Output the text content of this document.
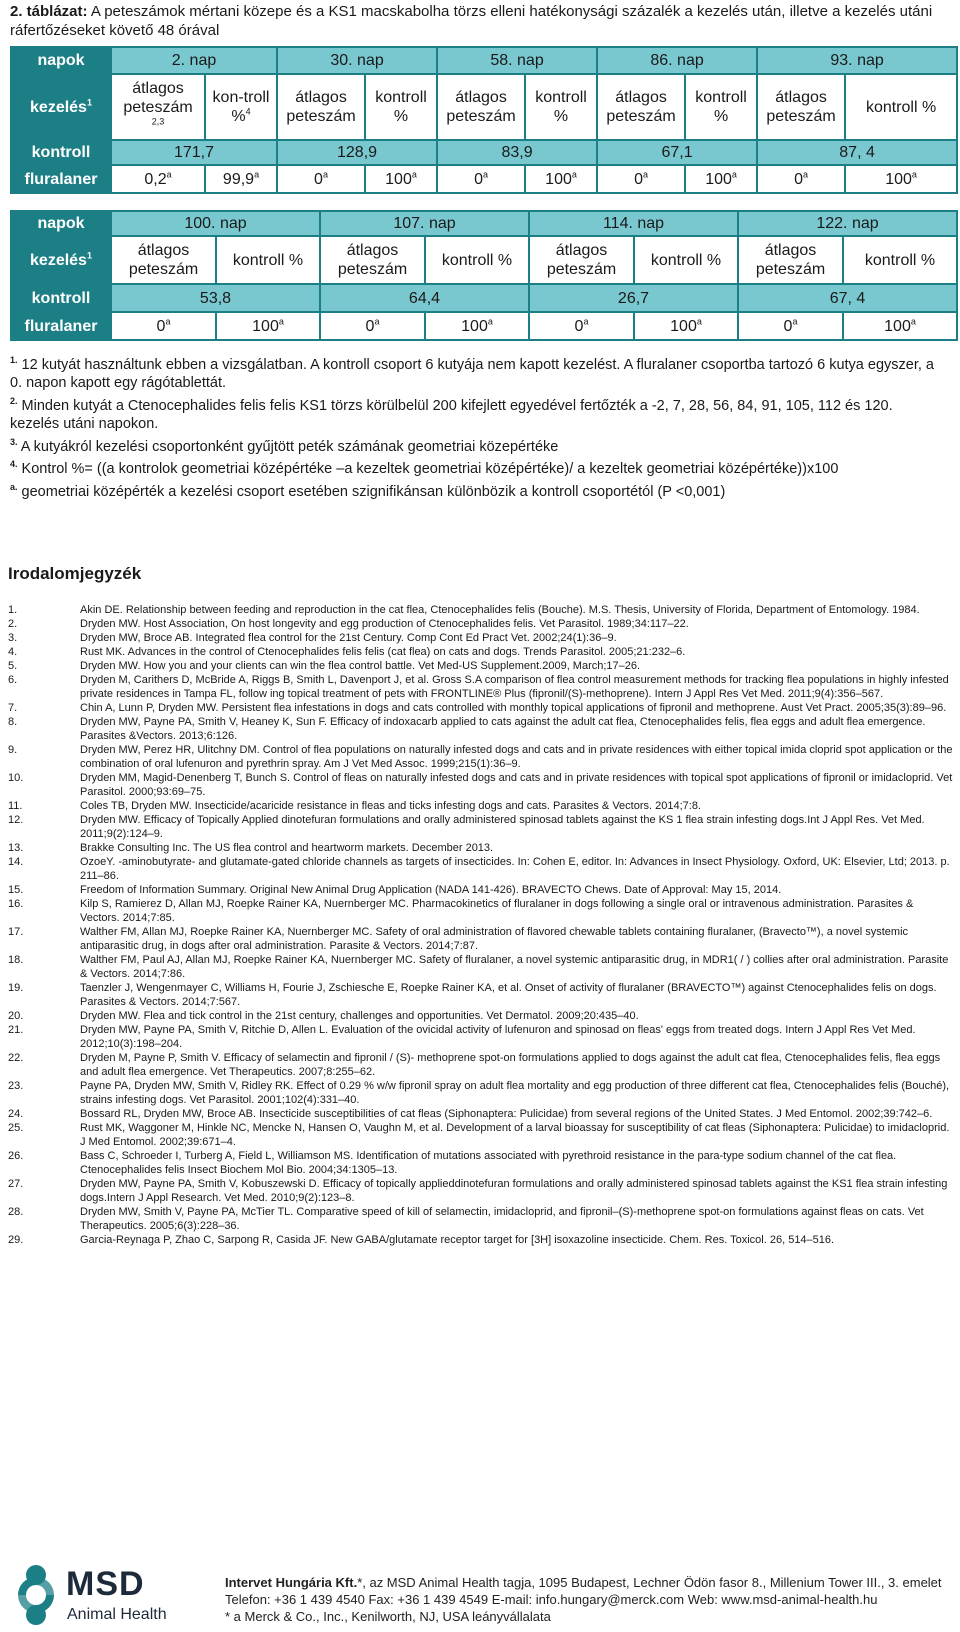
2. táblázat: A peteszámok mértani közepe és a KS1 macskabolha törzs elleni hatékonysági százalék a kezelés után, illetve a kezelés utáni ráfertőzéseket követő 48 órával
napok	2. nap		30. nap		58. nap		86. nap		93. nap	
kezelés$^1$	átlagos peteszám $^{2,3}$	kon-troll %$^4$	átlagos peteszám	kontroll %	átlagos peteszám	kontroll %	átlagos peteszám	kontroll %	átlagos peteszám	kontroll %
kontroll	171,7		128,9		83,9		67,1		87, 4	
fluralaner	0,2$^a$	99,9$^a$	0$^a$	100$^a$	0$^a$	100$^a$	0$^a$	100$^a$	0$^a$	100$^a$
napok	100. nap		107. nap		114. nap		122. nap	
kezelés$^1$	átlagos peteszám	kontroll %	átlagos peteszám	kontroll %	átlagos peteszám	kontroll %	átlagos peteszám	kontroll %
kontroll	53,8		64,4		26,7		67, 4	
fluralaner	0$^a$	100$^a$	0$^a$	100$^a$	0$^a$	100$^a$	0$^a$	100$^a$

$^{1.}$ 12 kutyát használtunk ebben a vizsgálatban. A kontroll csoport 6 kutyája nem kapott kezelést. A fluralaner csoportba tartozó 6 kutya egyszer, a 0. napon kapott egy rágótablettát.

$^{2.}$ Minden kutyát a Ctenocephalides felis felis KS1 törzs körülbelül 200 kifejlett egyedével fertőzték a -2, 7, 28, 56, 84, 91, 105, 112 és 120. kezelés utáni napokon.

$^{3.}$ A kutyákról kezelési csoportonként gyűjtött peték számának geometriai közepértéke

$^{4.}$ Kontrol %= ((a kontrolok geometriai középértéke –a kezeltek geometriai középértéke)/ a kezeltek geometriai középértéke))x100

$^{a.}$ geometriai középérték a kezelési csoport esetében szignifikánsan különbözik a kontroll csoportétól (P <0,001)

Irodalomjegyzék
1.	Akin DE. Relationship between feeding and reproduction in the cat flea, Ctenocephalides felis (Bouche). M.S. Thesis, University of Florida, Department of Entomology. 1984.
2.	Dryden MW. Host Association, On host longevity and egg production of Ctenocephalides felis. Vet Parasitol. 1989;34:117–22.
3.	Dryden MW, Broce AB. Integrated flea control for the 21st Century. Comp Cont Ed Pract Vet. 2002;24(1):36–9.
4.	Rust MK. Advances in the control of Ctenocephalides felis felis (cat flea) on cats and dogs. Trends Parasitol. 2005;21:232–6.
5.	Dryden MW. How you and your clients can win the flea control battle. Vet Med-US Supplement.2009, March;17–26.
6.	Dryden M, Carithers D, McBride A, Riggs B, Smith L, Davenport J, et al. Gross S.A comparison of flea control measurement methods for tracking flea populations in highly infested private residences in Tampa FL, follow ing topical treatment of pets with FRONTLINE® Plus (fipronil/(S)-methoprene). Intern J Appl Res Vet Med. 2011;9(4):356–567.
7.	Chin A, Lunn P, Dryden MW. Persistent flea infestations in dogs and cats controlled with monthly topical applications of fipronil and methoprene. Aust Vet Pract. 2005;35(3):89–96.
8.	Dryden MW, Payne PA, Smith V, Heaney K, Sun F. Efficacy of indoxacarb applied to cats against the adult cat flea, Ctenocephalides felis, flea eggs and adult flea emergence. Parasites &Vectors. 2013;6:126.
9.	Dryden MW, Perez HR, Ulitchny DM. Control of flea populations on naturally infested dogs and cats and in private residences with either topical imida cloprid spot application or the combination of oral lufenuron and pyrethrin spray. Am J Vet Med Assoc. 1999;215(1):36–9.
10.	Dryden MM, Magid-Denenberg T, Bunch S. Control of fleas on naturally infested dogs and cats and in private residences with topical spot applications of fipronil or imidacloprid. Vet Parasitol. 2000;93:69–75.
11.	Coles TB, Dryden MW. Insecticide/acaricide resistance in fleas and ticks infesting dogs and cats. Parasites & Vectors. 2014;7:8.
12.	Dryden MW. Efficacy of Topically Applied dinotefuran formulations and orally administered spinosad tablets against the KS 1 flea strain infesting dogs.Int J Appl Res. Vet Med. 2011;9(2):124–9.
13.	Brakke Consulting Inc. The US flea control and heartworm markets. December 2013.
14.	OzoeY. -aminobutyrate- and glutamate-gated chloride channels as targets of insecticides. In: Cohen E, editor. In: Advances in Insect Physiology. Oxford, UK: Elsevier, Ltd; 2013. p. 211–86.
15.	Freedom of Information Summary. Original New Animal Drug Application (NADA 141-426). BRAVECTO Chews. Date of Approval: May 15, 2014.
16.	Kilp S, Ramierez D, Allan MJ, Roepke Rainer KA, Nuernberger MC. Pharmacokinetics of fluralaner in dogs following a single oral or intravenous administration. Parasites & Vectors. 2014;7:85.
17.	Walther FM, Allan MJ, Roepke Rainer KA, Nuernberger MC. Safety of oral administration of flavored chewable tablets containing fluralaner, (Bravecto™), a novel systemic antiparasitic drug, in dogs after oral administration. Parasite & Vectors. 2014;7:87.
18.	Walther FM, Paul AJ, Allan MJ, Roepke Rainer KA, Nuernberger MC. Safety of fluralaner, a novel systemic antiparasitic drug, in MDR1( / ) collies after oral administration. Parasite & Vectors. 2014;7:86.
19.	Taenzler J, Wengenmayer C, Williams H, Fourie J, Zschiesche E, Roepke Rainer KA, et al. Onset of activity of fluralaner (BRAVECTO™) against Ctenocephalides felis on dogs. Parasites & Vectors. 2014;7:567.
20.	Dryden MW. Flea and tick control in the 21st century, challenges and opportunities. Vet Dermatol. 2009;20:435–40.
21.	Dryden MW, Payne PA, Smith V, Ritchie D, Allen L. Evaluation of the ovicidal activity of lufenuron and spinosad on fleas' eggs from treated dogs. Intern J Appl Res Vet Med. 2012;10(3):198–204.
22.	Dryden M, Payne P, Smith V. Efficacy of selamectin and fipronil / (S)- methoprene spot-on formulations applied to dogs against the adult cat flea, Ctenocephalides felis, flea eggs and adult flea emergence. Vet Therapeutics. 2007;8:255–62.
23.	Payne PA, Dryden MW, Smith V, Ridley RK. Effect of 0.29 % w/w fipronil spray on adult flea mortality and egg production of three different cat flea, Ctenocephalides felis (Bouché), strains infesting dogs. Vet Parasitol. 2001;102(4):331–40.
24.	Bossard RL, Dryden MW, Broce AB. Insecticide susceptibilities of cat fleas (Siphonaptera: Pulicidae) from several regions of the United States. J Med Entomol. 2002;39:742–6.
25.	Rust MK, Waggoner M, Hinkle NC, Mencke N, Hansen O, Vaughn M, et al. Development of a larval bioassay for susceptibility of cat fleas (Siphonaptera: Pulicidae) to imidacloprid. J Med Entomol. 2002;39:671–4.
26.	Bass C, Schroeder I, Turberg A, Field L, Williamson MS. Identification of mutations associated with pyrethroid resistance in the para-type sodium channel of the cat flea. Ctenocephalides felis Insect Biochem Mol Bio. 2004;34:1305–13.
27.	Dryden MW, Payne PA, Smith V, Kobuszewski D. Efficacy of topically applieddinotefuran formulations and orally administered spinosad tablets against the KS1 flea strain infesting dogs.Intern J Appl Research. Vet Med. 2010;9(2):123–8.
28.	Dryden MW, Smith V, Payne PA, McTier TL. Comparative speed of kill of selamectin, imidacloprid, and fipronil–(S)-methoprene spot-on formulations against fleas on cats. Vet Therapeutics. 2005;6(3):228–36.
29.	Garcia-Reynaga P, Zhao C, Sarpong R, Casida JF. New GABA/glutamate receptor target for [3H] isoxazoline insecticide. Chem. Res. Toxicol. 26, 514–516.
MSD
Animal Health
Intervet Hungária Kft.*, az MSD Animal Health tagja, 1095 Budapest, Lechner Ödön fasor 8., Millenium Tower III., 3. emelet
Telefon: +36 1 439 4540 Fax: +36 1 439 4549 E-mail: info.hungary@merck.com Web: www.msd-animal-health.hu
* a Merck & Co., Inc., Kenilworth, NJ, USA leányvállalata
